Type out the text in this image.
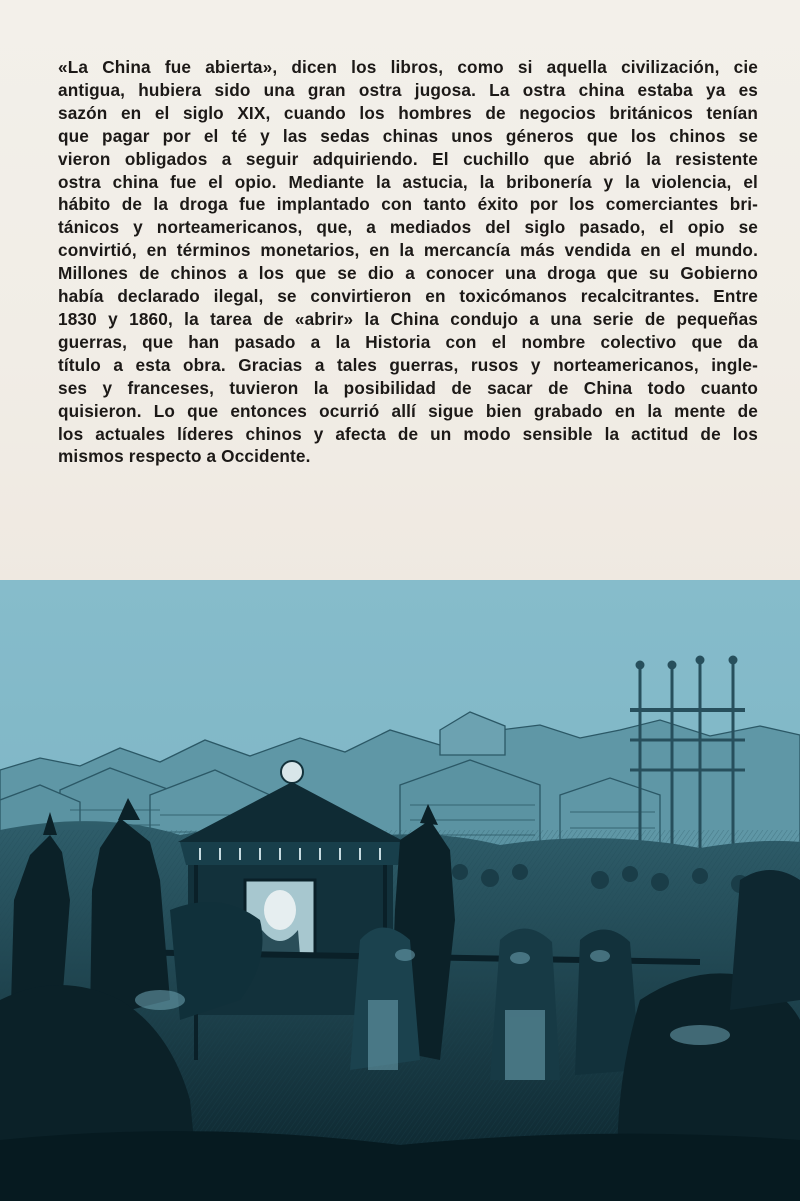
«La China fue abierta», dicen los libros, como si aquella civilización, cie
antigua, hubiera sido una gran ostra jugosa. La ostra china estaba ya es
sazón en el siglo XIX, cuando los hombres de negocios británicos tenían
que pagar por el té y las sedas chinas unos géneros que los chinos se
vieron obligados a seguir adquiriendo. El cuchillo que abrió la resistente
ostra china fue el opio. Mediante la astucia, la bribonería y la violencia, el
hábito de la droga fue implantado con tanto éxito por los comerciantes bri-
tánicos y norteamericanos, que, a mediados del siglo pasado, el opio se
convirtió, en términos monetarios, en la mercancía más vendida en el mundo.
Millones de chinos a los que se dio a conocer una droga que su Gobierno
había declarado ilegal, se convirtieron en toxicómanos recalcitrantes. Entre
1830 y 1860, la tarea de «abrir» la China condujo a una serie de pequeñas
guerras, que han pasado a la Historia con el nombre colectivo que da
título a esta obra. Gracias a tales guerras, rusos y norteamericanos, ingle-
ses y franceses, tuvieron la posibilidad de sacar de China todo cuanto
quisieron. Lo que entonces ocurrió allí sigue bien grabado en la mente de
los actuales líderes chinos y afecta de un modo sensible la actitud de los
mismos respecto a Occidente.
